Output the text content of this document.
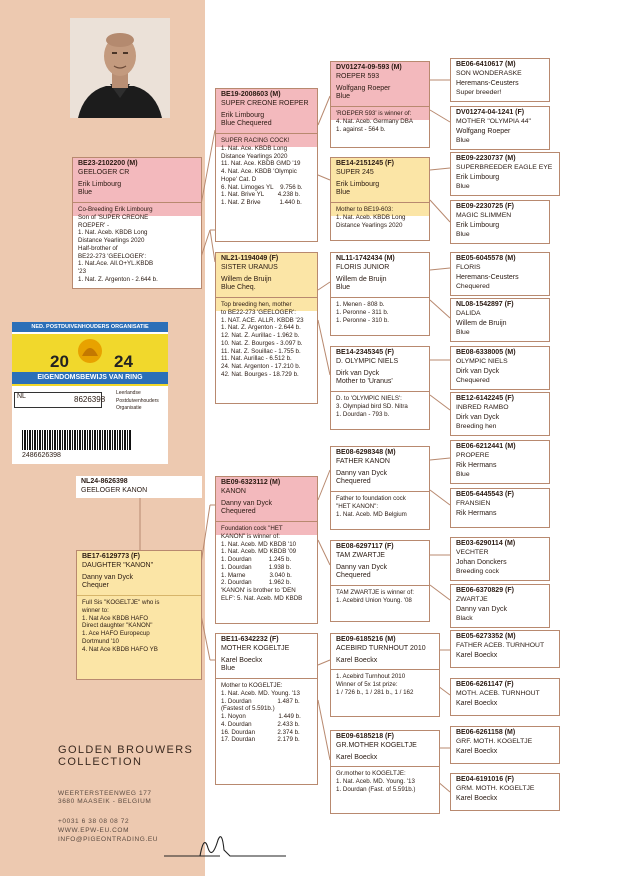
BE23-2102200 (M)
GEELOGER CR
Erik Limbourg
Blue
Co-Breeding Erik Limbourg
Son of 'SUPER CREONE
ROEPER' -
1. Nat. Aceb. KBDB Long
Distance Yearlings 2020
Half-brother of
BE22-273 'GEELOGER':
1. Nat.Ace. All.O+YL.KBDB
'23
1. Nat. Z. Argenton - 2.644 b.
NED. POSTDUIVENHOUDERS ORGANISATIE
20	24
EIGENDOMSBEWIJS VAN RING
NL	8626398
Leerlandse
Postduivenhouders
Organisatie
2486626398
NL24-8626398
GEELOGER KANON
BE17-6129773 (F)
DAUGHTER "KANON"
Danny van Dyck
Chequer
Full Sis "KOGELTJE" who is
winner to:
1. Nat Ace KBDB HAFO
Direct daughter "KANON"
1. Ace HAFO Europecup
Dortmund '10
4. Nat Ace KBDB HAFO YB
BE19-2008603 (M)
SUPER CREONE ROEPER
Erik Limbourg
Blue Chequered
SUPER RACING COCK!
1. Nat. Ace. KBDB Long
Distance Yearlings 2020
11. Nat. Ace. KBDB GMD '19
4. Nat. Ace. KBDB 'Olympic
Hope' Cat. D
6. Nat. Limoges YL    9.756 b.
1. Nat. Brive YL        4.238 b.
1. Nat. Z Brive           1.440 b.
NL21-1194049 (F)
SISTER URANUS
Willem de Bruijn
Blue Cheq.
Top breeding hen, mother
to BE22-273 'GEELOGER':
1. NAT. ACE. ALLR. KBDB '23
1. Nat. Z. Argenton - 2.644 b.
12. Nat. Z. Aurillac - 1.962 b.
10. Nat. Z. Bourges - 3.097 b.
11. Nat. Z. Souillac - 1.755 b.
11. Nat. Aurillac - 6.512 b.
24. Nat. Argenton - 17.210 b.
42. Nat. Bourges - 18.729 b.
BE09-6323112 (M)
KANON
Danny van Dyck
Chequered
Foundation cock "HET
KANON" is winner of:
1. Nat. Aceb. MD KBDB '10
1. Nat. Aceb. MD KBDB '09
1. Dourdan          1.245 b.
1. Dourdan          1.938 b.
1. Marne              3.040 b.
2. Dourdan          1.962 b.
'KANON' is brother to 'DEN
ELF': 5. Nat. Aceb. MD KBDB
BE11-6342232 (F)
MOTHER KOGELTJE
Karel Boeckx
Blue
Mother to KOGELTJE:
1. Nat. Aceb. MD. Young. '13
1. Dourdan               1.487 b.
(Fastest of 5.591b.)
1. Noyon                   1.449 b.
4. Dourdan               2.433 b.
16. Dourdan             2.374 b.
17. Dourdan             2.179 b.
DV01274-09-593 (M)
ROEPER 593
Wolfgang Roeper
Blue
'ROEPER 593' is winner of:
4. Nat. Aceb. Germany DBA
1. against - 564 b.
BE14-2151245 (F)
SUPER 245
Erik Limbourg
Blue
Mother to BE19-603:
1. Nat. Aceb. KBDB Long
Distance Yearlings 2020
NL11-1742434 (M)
FLORIS JUNIOR
Willem de Bruijn
Blue
1. Menen - 808 b.
1. Peronne - 311 b.
1. Peronne - 310 b.
BE14-2345345 (F)
D. OLYMPIC NIELS
Dirk van Dyck
Mother to 'Uranus'
D. to 'OLYMPIC NIELS':
3. Olympiad bird SD. Nitra
1. Dourdan - 793 b.
BE08-6298348 (M)
FATHER KANON
Danny van Dyck
Chequered
Father to foundation cock
"HET KANON":
1. Nat. Aceb. MD Belgium
BE08-6297117 (F)
TAM ZWARTJE
Danny van Dyck
Chequered
TAM ZWARTJE is winner of:
1. Acebird Union Young. '08
BE09-6185216 (M)
ACEBIRD TURNHOUT 2010
Karel Boeckx
1. Acebird Turnhout 2010
Winner of 5x 1st prize:
1 / 726 b., 1 / 281 b., 1 / 162
BE09-6185218 (F)
GR.MOTHER KOGELTJE
Karel Boeckx
Gr.mother to KOGELTJE:
1. Nat. Aceb. MD. Young. '13
1. Dourdan (Fast. of 5.591b.)
BE06-6410617 (M)
SON WONDERASKE
Heremans-Ceusters
Super breeder!
DV01274-04-1241 (F)
MOTHER "OLYMPIA 44"
Wolfgang Roeper
Blue
BE09-2230737 (M)
SUPERBREEDER EAGLE EYE
Erik Limbourg
Blue
BE09-2230725 (F)
MAGIC SLIMMEN
Erik Limbourg
Blue
BE05-6045578 (M)
FLORIS
Heremans-Ceusters
Chequered
NL08-1542897 (F)
DALIDA
Willem de Bruijn
Blue
BE08-6338005 (M)
OLYMPIC NIELS
Dirk van Dyck
Chequered
BE12-6142245 (F)
INBRED RAMBO
Dirk van Dyck
Breeding hen
BE06-6212441 (M)
PROPERE
Rik Hermans
Blue
BE05-6445543 (F)
FRANSIEN
Rik Hermans
BE03-6290114 (M)
VECHTER
Johan Donckers
Breeding cock
BE06-6370829 (F)
ZWARTJE
Danny van Dyck
Black
BE05-6273352 (M)
FATHER ACEB. TURNHOUT
Karel Boeckx
BE06-6261147 (F)
MOTH. ACEB. TURNHOUT
Karel Boeckx
BE06-6261158 (M)
GRF. MOTH. KOGELTJE
Karel Boeckx
BE04-6191016 (F)
GRM. MOTH. KOGELTJE
Karel Boeckx
GOLDEN BROUWERS
COLLECTION
WEERTERSTEENWEG 177
3680 MAASEIK - BELGIUM
+0031 6 38 08 08 72
WWW.EPW-EU.COM
INFO@PIGEONTRADING.EU
